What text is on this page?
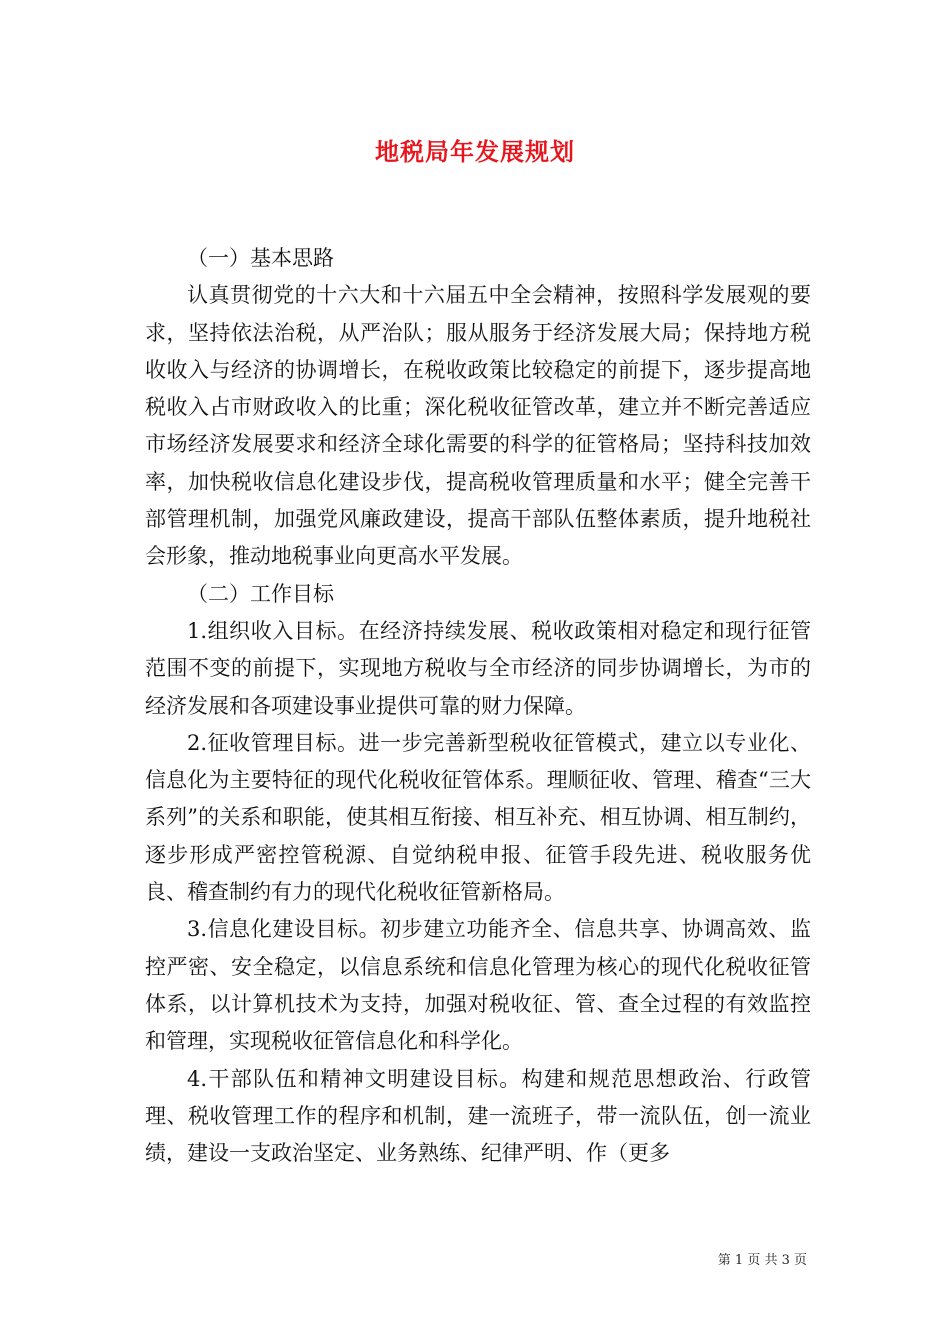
地税局年发展规划

（一）基本思路

认真贯彻党的十六大和十六届五中全会精神，按照科学发展观的要求，坚持依法治税，从严治队；服从服务于经济发展大局；保持地方税收收入与经济的协调增长，在税收政策比较稳定的前提下，逐步提高地税收入占市财政收入的比重；深化税收征管改革，建立并不断完善适应市场经济发展要求和经济全球化需要的科学的征管格局；坚持科技加效率，加快税收信息化建设步伐，提高税收管理质量和水平；健全完善干部管理机制，加强党风廉政建设，提高干部队伍整体素质，提升地税社会形象，推动地税事业向更高水平发展。

（二）工作目标

1.组织收入目标。在经济持续发展、税收政策相对稳定和现行征管范围不变的前提下，实现地方税收与全市经济的同步协调增长，为市的经济发展和各项建设事业提供可靠的财力保障。

2.征收管理目标。进一步完善新型税收征管模式，建立以专业化、信息化为主要特征的现代化税收征管体系。理顺征收、管理、稽查“三大系列”的关系和职能，使其相互衔接、相互补充、相互协调、相互制约，逐步形成严密控管税源、自觉纳税申报、征管手段先进、税收服务优良、稽查制约有力的现代化税收征管新格局。

3.信息化建设目标。初步建立功能齐全、信息共享、协调高效、监控严密、安全稳定，以信息系统和信息化管理为核心的现代化税收征管体系，以计算机技术为支持，加强对税收征、管、查全过程的有效监控和管理，实现税收征管信息化和科学化。

4.干部队伍和精神文明建设目标。构建和规范思想政治、行政管理、税收管理工作的程序和机制，建一流班子，带一流队伍，创一流业绩，建设一支政治坚定、业务熟练、纪律严明、作（更多

第 1 页 共 3 页
